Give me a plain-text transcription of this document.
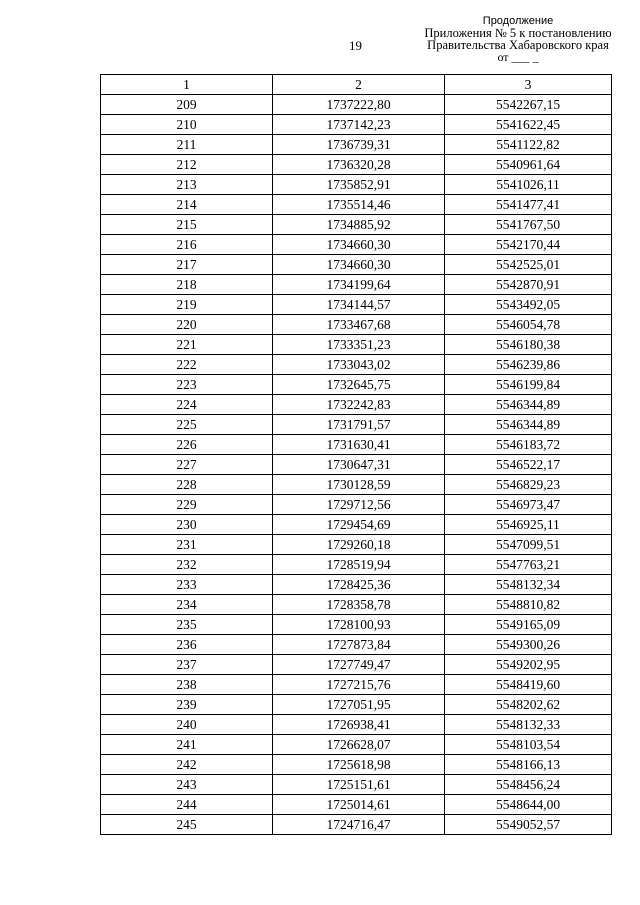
19
Продолжение
Приложения № 5 к постановлению
Правительства Хабаровского края
от ___ _
1	2	3
209	1737222,80	5542267,15
210	1737142,23	5541622,45
211	1736739,31	5541122,82
212	1736320,28	5540961,64
213	1735852,91	5541026,11
214	1735514,46	5541477,41
215	1734885,92	5541767,50
216	1734660,30	5542170,44
217	1734660,30	5542525,01
218	1734199,64	5542870,91
219	1734144,57	5543492,05
220	1733467,68	5546054,78
221	1733351,23	5546180,38
222	1733043,02	5546239,86
223	1732645,75	5546199,84
224	1732242,83	5546344,89
225	1731791,57	5546344,89
226	1731630,41	5546183,72
227	1730647,31	5546522,17
228	1730128,59	5546829,23
229	1729712,56	5546973,47
230	1729454,69	5546925,11
231	1729260,18	5547099,51
232	1728519,94	5547763,21
233	1728425,36	5548132,34
234	1728358,78	5548810,82
235	1728100,93	5549165,09
236	1727873,84	5549300,26
237	1727749,47	5549202,95
238	1727215,76	5548419,60
239	1727051,95	5548202,62
240	1726938,41	5548132,33
241	1726628,07	5548103,54
242	1725618,98	5548166,13
243	1725151,61	5548456,24
244	1725014,61	5548644,00
245	1724716,47	5549052,57
